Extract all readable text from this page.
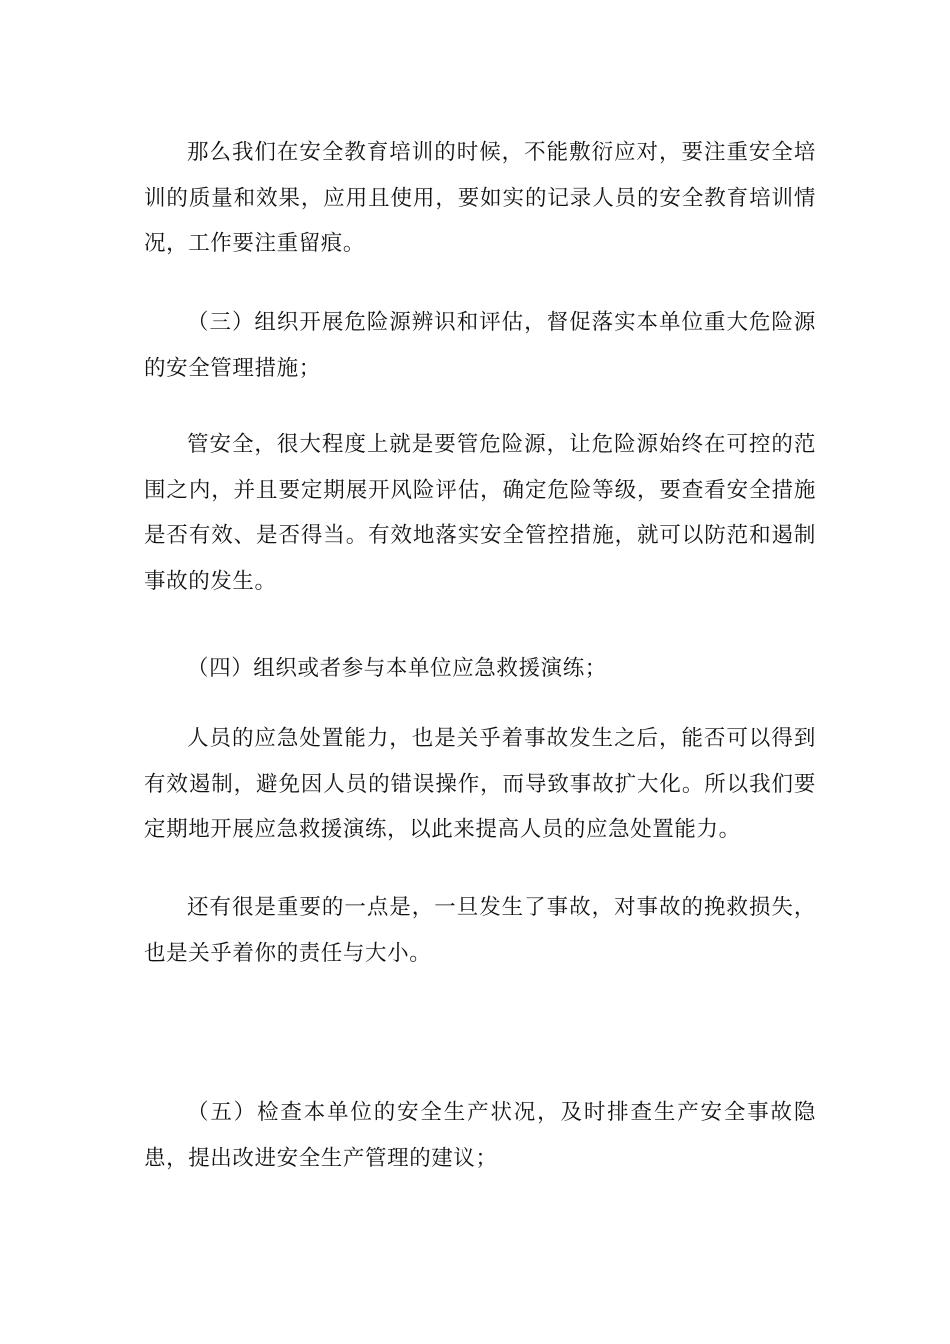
那么我们在安全教育培训的时候，不能敷衍应对，要注重安全培训的质量和效果，应用且使用，要如实的记录人员的安全教育培训情况，工作要注重留痕。

（三）组织开展危险源辨识和评估，督促落实本单位重大危险源的安全管理措施；

管安全，很大程度上就是要管危险源，让危险源始终在可控的范围之内，并且要定期展开风险评估，确定危险等级，要查看安全措施是否有效、是否得当。有效地落实安全管控措施，就可以防范和遏制事故的发生。

（四）组织或者参与本单位应急救援演练；

人员的应急处置能力，也是关乎着事故发生之后，能否可以得到有效遏制，避免因人员的错误操作，而导致事故扩大化。所以我们要定期地开展应急救援演练，以此来提高人员的应急处置能力。

还有很是重要的一点是，一旦发生了事故，对事故的挽救损失，也是关乎着你的责任与大小。

（五）检查本单位的安全生产状况，及时排查生产安全事故隐患，提出改进安全生产管理的建议；
